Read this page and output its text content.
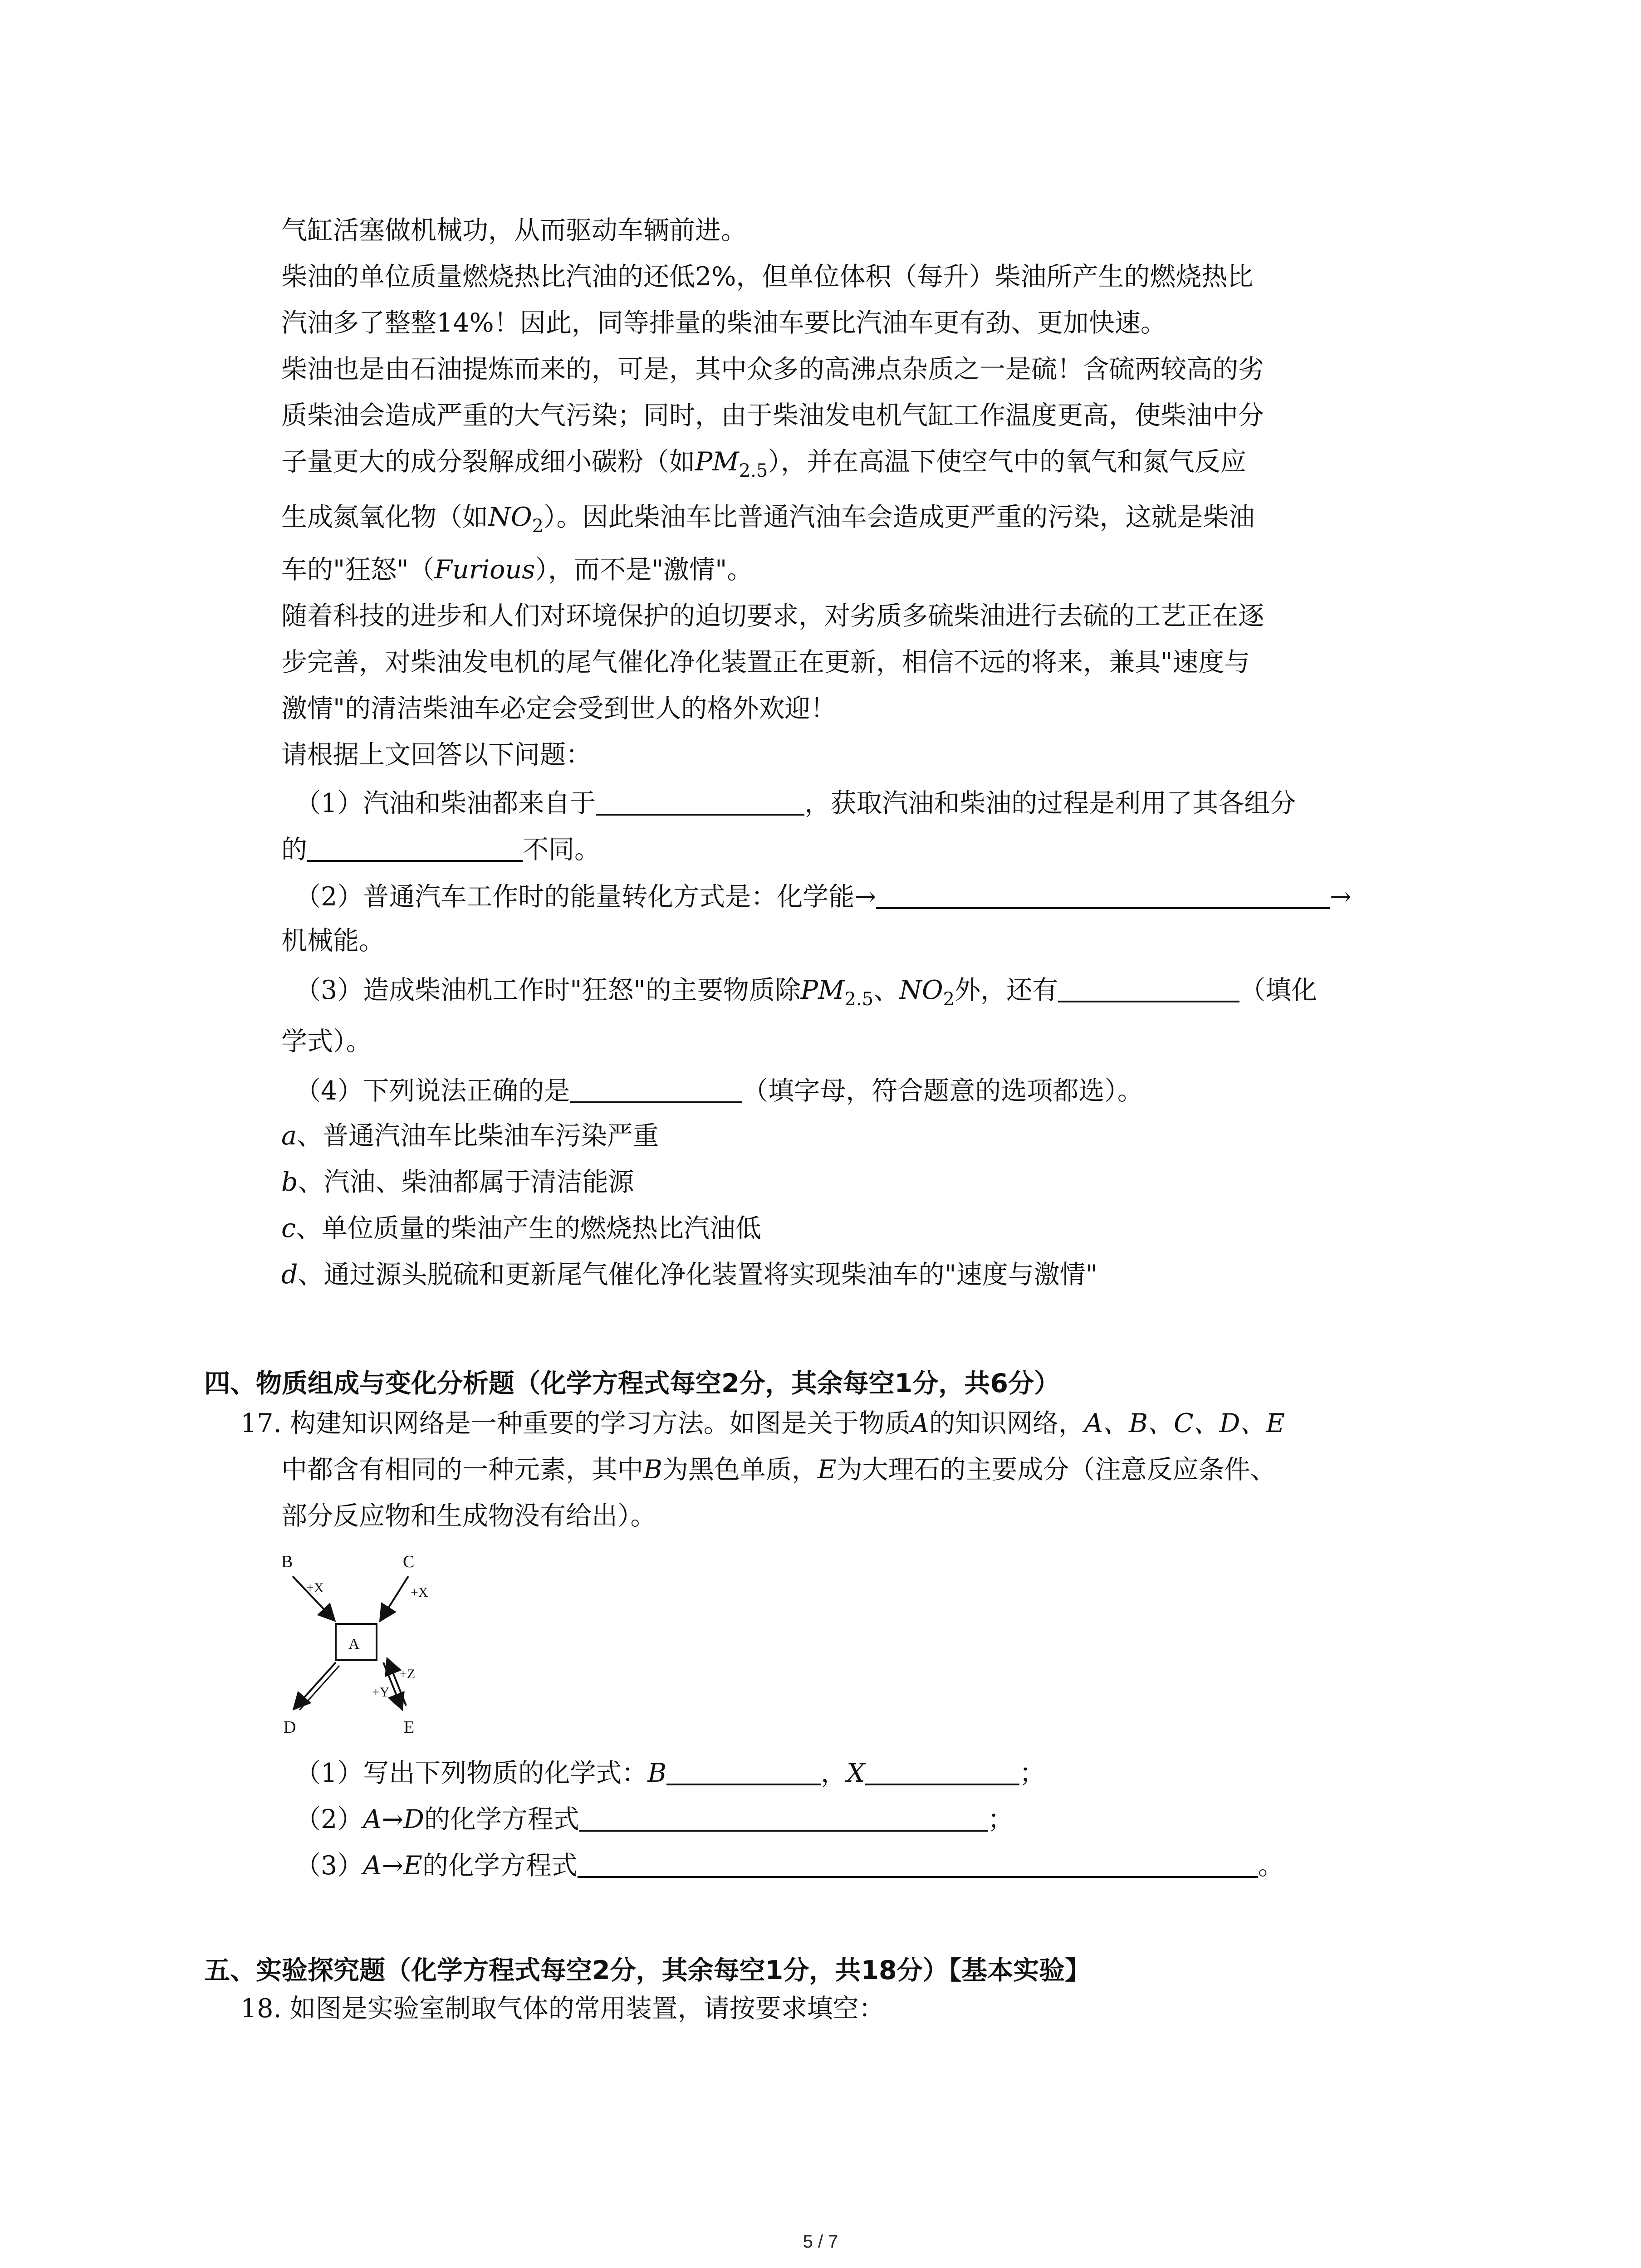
气缸活塞做机械功，从而驱动车辆前进。
柴油的单位质量燃烧热比汽油的还低2%，但单位体积（每升）柴油所产生的燃烧热比
汽油多了整整14%！因此，同等排量的柴油车要比汽油车更有劲、更加快速。
柴油也是由石油提炼而来的，可是，其中众多的高沸点杂质之一是硫！含硫两较高的劣
质柴油会造成严重的大气污染；同时，由于柴油发电机气缸工作温度更高，使柴油中分
子量更大的成分裂解成细小碳粉（如$PM_{2.5}$），并在高温下使空气中的氧气和氮气反应
生成氮氧化物（如$NO_2$）。因此柴油车比普通汽油车会造成更严重的污染，这就是柴油
车的"狂怒"（Furious），而不是"激情"。
随着科技的进步和人们对环境保护的迫切要求，对劣质多硫柴油进行去硫的工艺正在逐
步完善，对柴油发电机的尾气催化净化装置正在更新，相信不远的将来，兼具"速度与
激情"的清洁柴油车必定会受到世人的格外欢迎！
请根据上文回答以下问题：
（1）汽油和柴油都来自于	，获取汽油和柴油的过程是利用了其各组分
的	不同。
（2）普通汽车工作时的能量转化方式是：化学能→	→
机械能。
（3）造成柴油机工作时"狂怒"的主要物质除$PM_{2.5}$、$NO_2$外，还有	（填化
学式）。
（4）下列说法正确的是	（填字母，符合题意的选项都选）。
a、普通汽油车比柴油车污染严重
b、汽油、柴油都属于清洁能源
c、单位质量的柴油产生的燃烧热比汽油低
d、通过源头脱硫和更新尾气催化净化装置将实现柴油车的"速度与激情"
四、物质组成与变化分析题（化学方程式每空2分，其余每空1分，共6分）
17. 构建知识网络是一种重要的学习方法。如图是关于物质A的知识网络，A、B、C、D、E
中都含有相同的一种元素，其中B为黑色单质，E为大理石的主要成分（注意反应条件、
部分反应物和生成物没有给出）。
B	C
D	E
A
+X	+X
+Z
+Y
（1）写出下列物质的化学式：B	，X	；
（2）A→D的化学方程式	；
（3）A→E的化学方程式	。
五、实验探究题（化学方程式每空2分，其余每空1分，共18分）【基本实验】
18. 如图是实验室制取气体的常用装置，请按要求填空：
5 / 7
